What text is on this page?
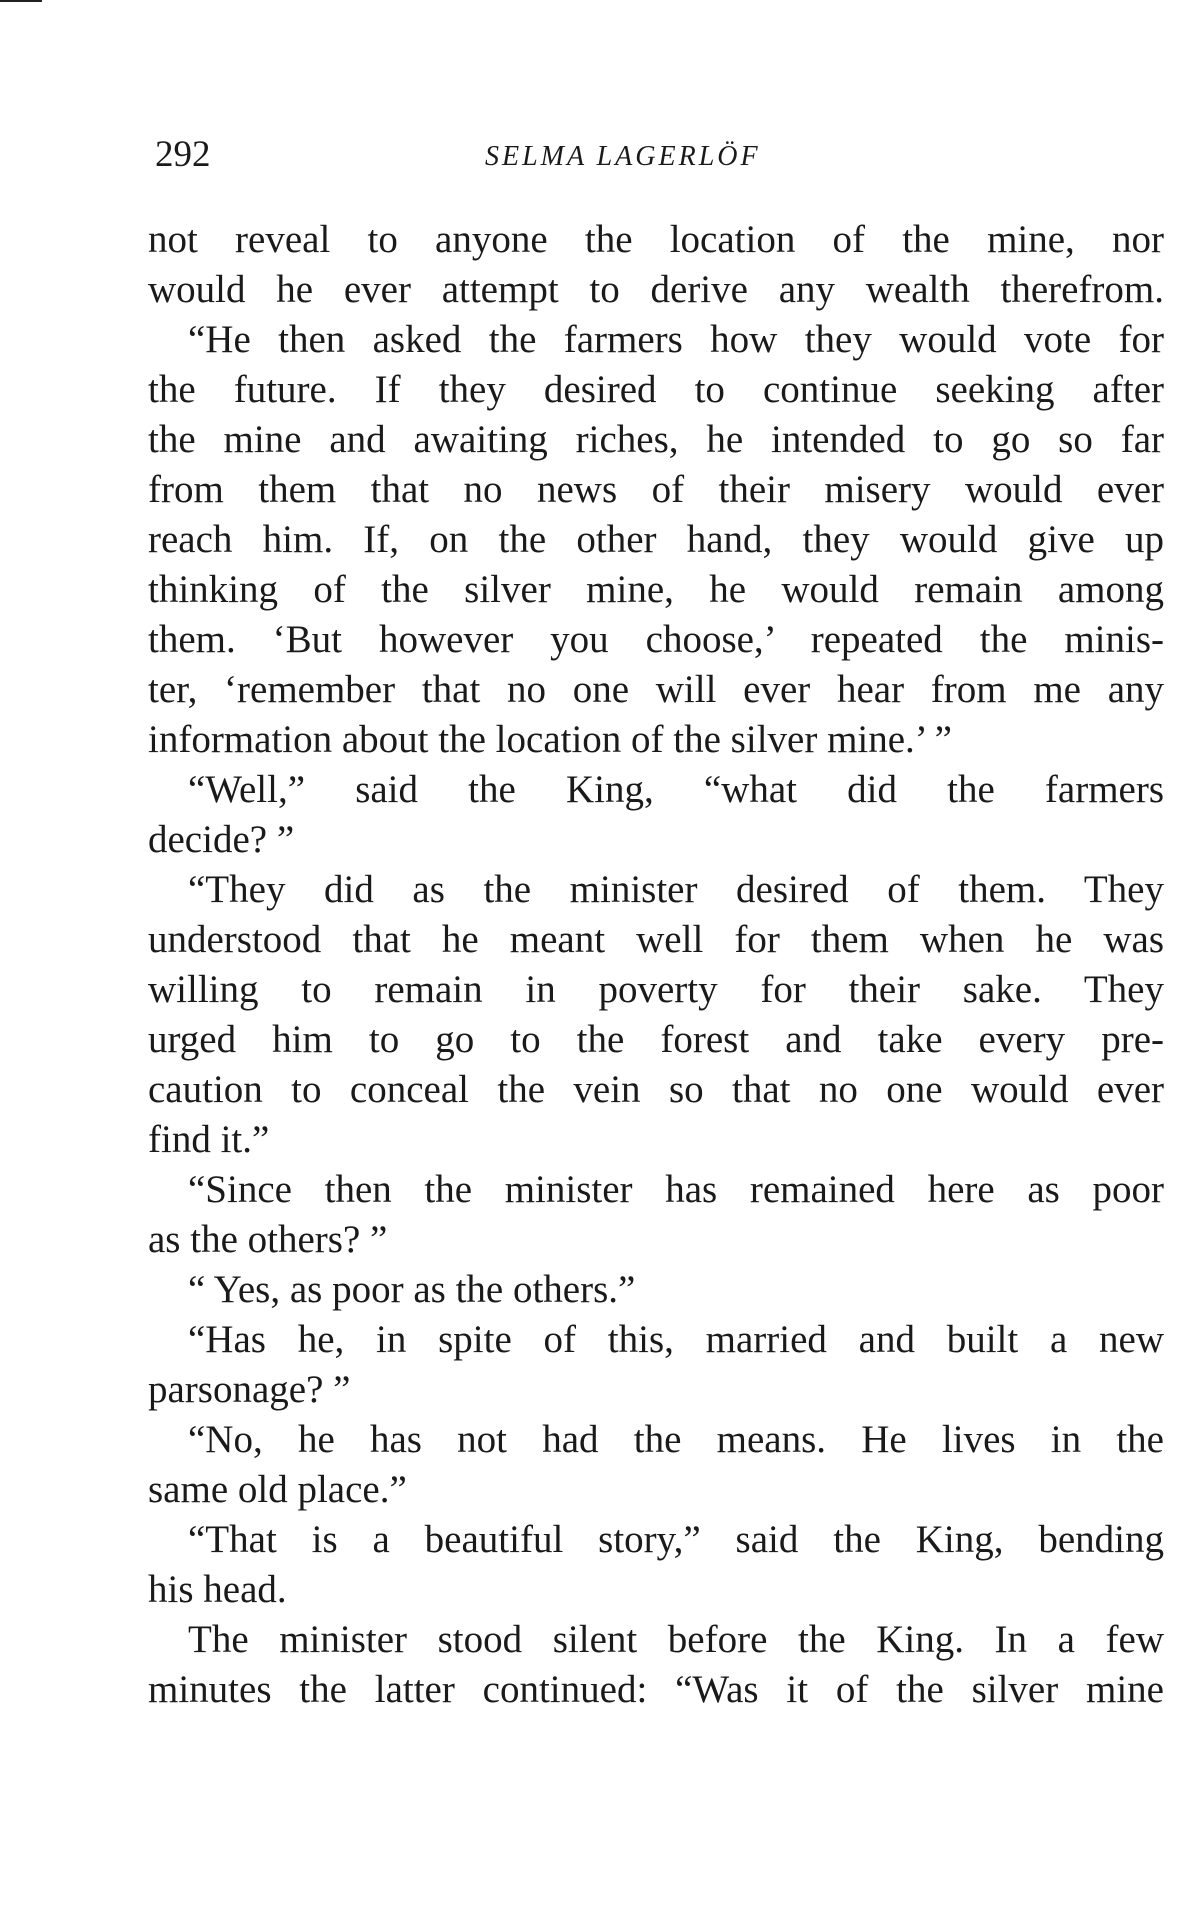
292	SELMA LAGERLÖF
not reveal to anyone the location of the mine, nor
would he ever attempt to derive any wealth therefrom.
“He then asked the farmers how they would vote for
the future. If they desired to continue seeking after
the mine and awaiting riches, he intended to go so far
from them that no news of their misery would ever
reach him. If, on the other hand, they would give up
thinking of the silver mine, he would remain among
them. ‘But however you choose,’ repeated the minis-
ter, ‘remember that no one will ever hear from me any
information about the location of the silver mine.’ ”
“Well,” said the King, “what did the farmers
decide? ”
“They did as the minister desired of them. They
understood that he meant well for them when he was
willing to remain in poverty for their sake. They
urged him to go to the forest and take every pre-
caution to conceal the vein so that no one would ever
find it.”
“Since then the minister has remained here as poor
as the others? ”
“ Yes, as poor as the others.”
“Has he, in spite of this, married and built a new
parsonage? ”
“No, he has not had the means. He lives in the
same old place.”
“That is a beautiful story,” said the King, bending
his head.
The minister stood silent before the King. In a few
minutes the latter continued: “Was it of the silver mine
